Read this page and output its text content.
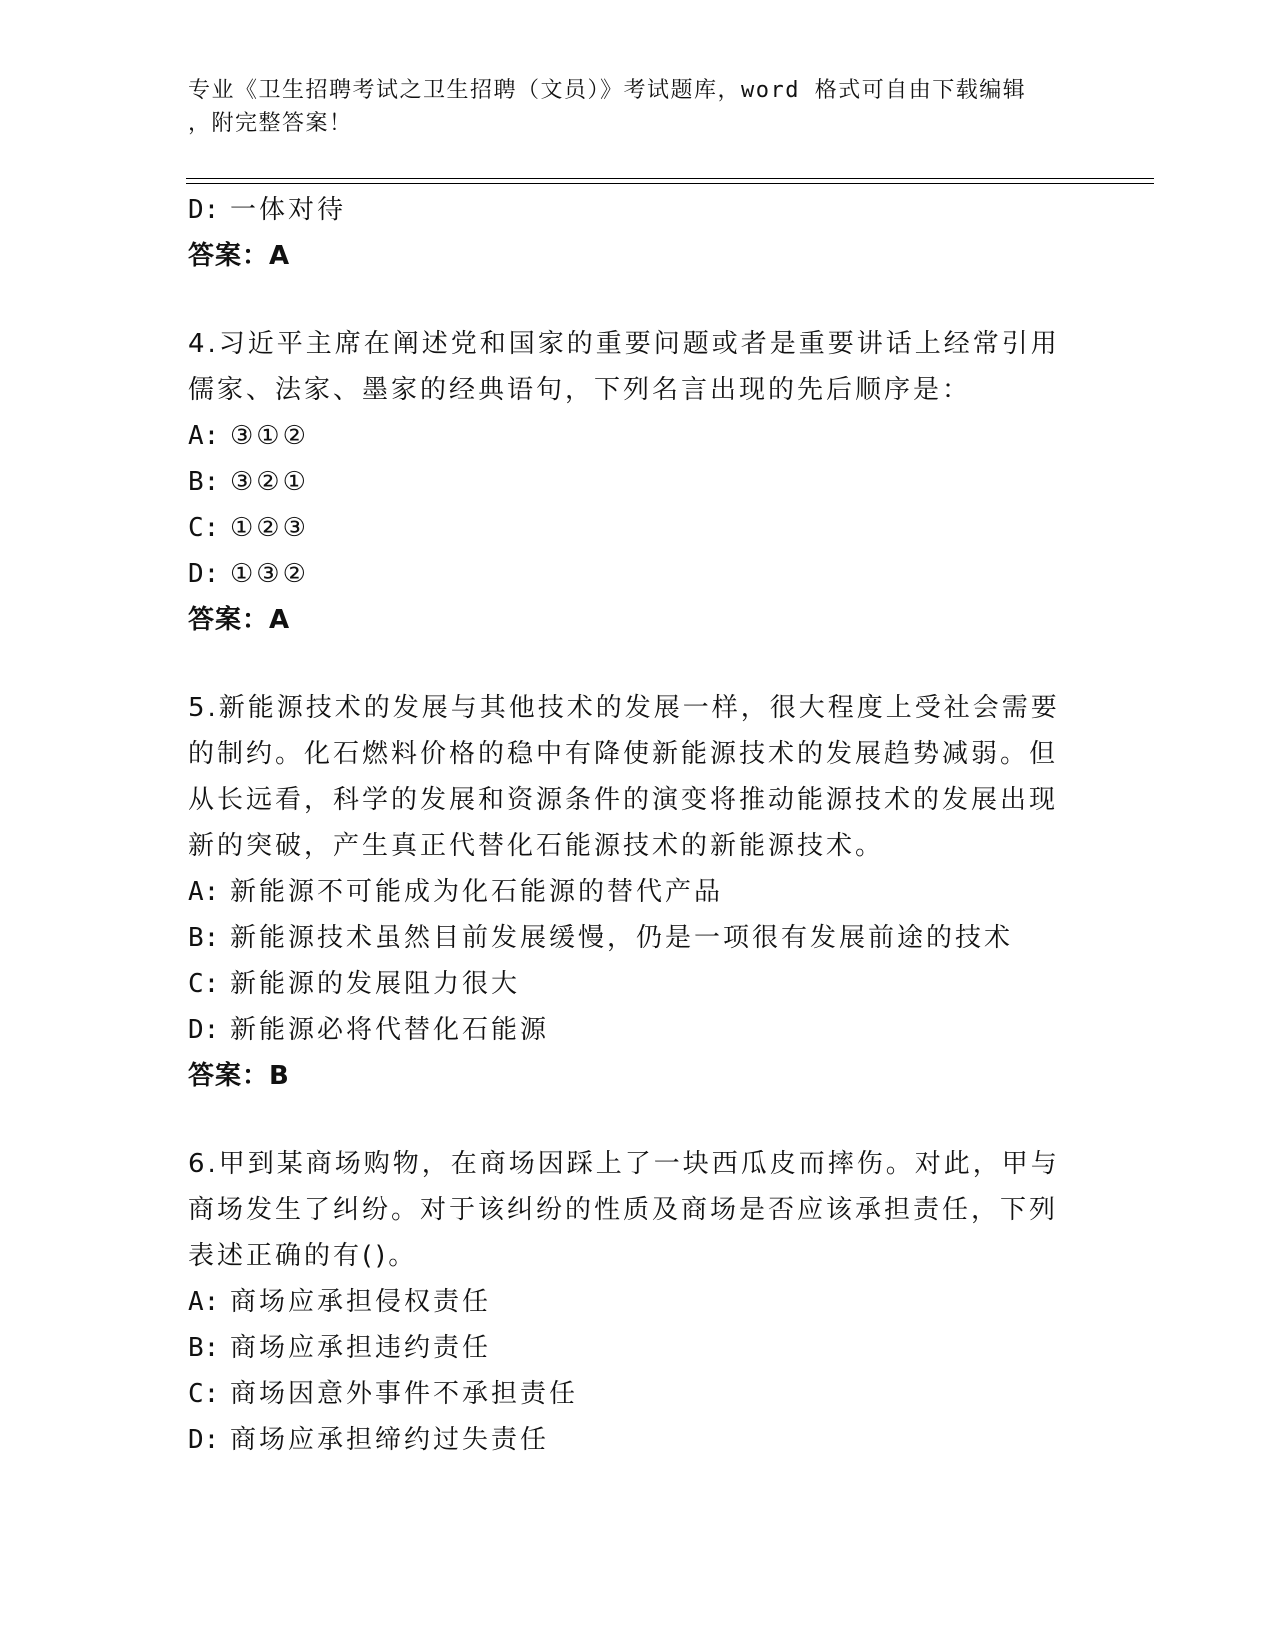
专业《卫生招聘考试之卫生招聘（文员）》考试题库，word 格式可自由下载编辑
，附完整答案！
D: 一体对待
答案：A
4.习近平主席在阐述党和国家的重要问题或者是重要讲话上经常引用
儒家、法家、墨家的经典语句，下列名言出现的先后顺序是：
A: ③①②
B: ③②①
C: ①②③
D: ①③②
答案：A
5.新能源技术的发展与其他技术的发展一样，很大程度上受社会需要
的制约。化石燃料价格的稳中有降使新能源技术的发展趋势减弱。但
从长远看，科学的发展和资源条件的演变将推动能源技术的发展出现
新的突破，产生真正代替化石能源技术的新能源技术。
A: 新能源不可能成为化石能源的替代产品
B: 新能源技术虽然目前发展缓慢，仍是一项很有发展前途的技术
C: 新能源的发展阻力很大
D: 新能源必将代替化石能源
答案：B
6.甲到某商场购物，在商场因踩上了一块西瓜皮而摔伤。对此，甲与
商场发生了纠纷。对于该纠纷的性质及商场是否应该承担责任，下列
表述正确的有()。
A: 商场应承担侵权责任
B: 商场应承担违约责任
C: 商场因意外事件不承担责任
D: 商场应承担缔约过失责任
